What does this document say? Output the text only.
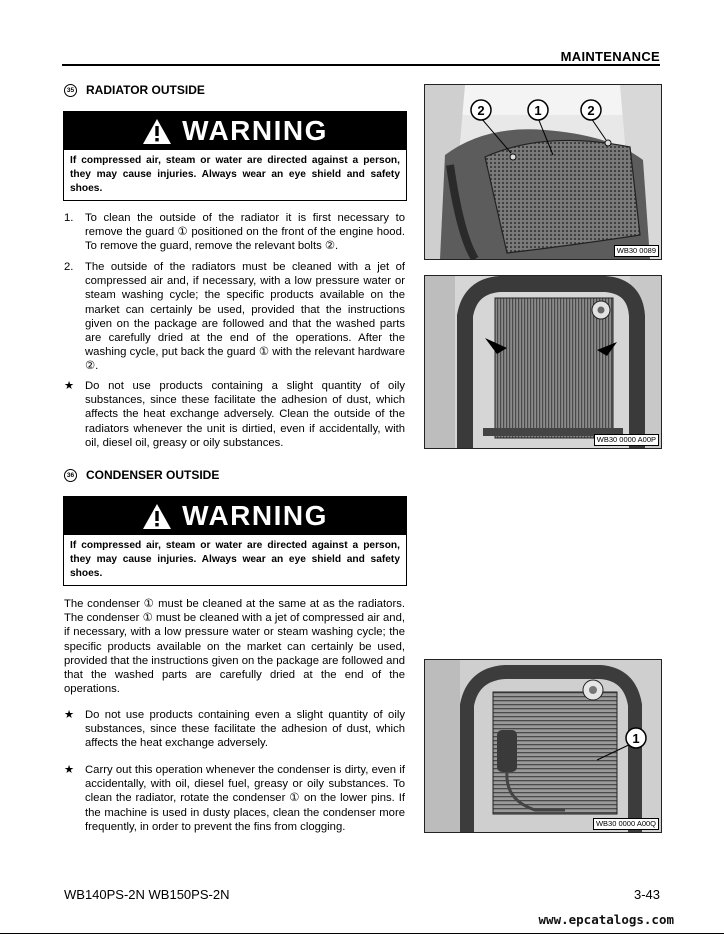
MAINTENANCE
35 RADIATOR OUTSIDE
WARNING
If compressed air, steam or water are directed against a person, they may cause injuries. Always wear an eye shield and safety shoes.
1.	To clean the outside of the radiator it is first necessary to remove the guard ① positioned on the front of the engine hood. To remove the guard, remove the relevant bolts ②.
2.	The outside of the radiators must be cleaned with a jet of compressed air and, if necessary, with a low pressure water or steam washing cycle; the specific products available on the market can certainly be used, provided that the instructions given on the package are followed and that the washed parts are carefully dried at the end of the operations. After the washing cycle, put back the guard ① with the relevant hardware ②.
★ Do not use products containing a slight quantity of oily substances, since these facilitate the adhesion of dust, which affects the heat exchange adversely. Clean the outside of the radiators whenever the unit is dirtied, even if accidentally, with oil, diesel oil, greasy or oily substances.
36 CONDENSER OUTSIDE
WARNING
If compressed air, steam or water are directed against a person, they may cause injuries. Always wear an eye shield and safety shoes.
The condenser ① must be cleaned at the same at as the radiators. The condenser ① must be cleaned with a jet of compressed air and, if necessary, with a low pressure water or steam washing cycle; the specific products available on the market can certainly be used, provided that the instructions given on the package are followed and that the washed parts are carefully dried at the end of the operations.
★ Do not use products containing even a slight quantity of oily substances, since these facilitate the adhesion of dust, which affects the heat exchange adversely.
★ Carry out this operation whenever the condenser is dirty, even if accidentally, with oil, diesel fuel, greasy or oily substances. To clean the radiator, rotate the condenser ① on the lower pins. If the machine is used in dusty places, clean the condenser more frequently, in order to prevent the fins from clogging.
2	1	2
WB30 0089
WB30 0000 A00P
1
WB30 0000 A00Q
WB140PS-2N WB150PS-2N	3-43
www.epcatalogs.com
